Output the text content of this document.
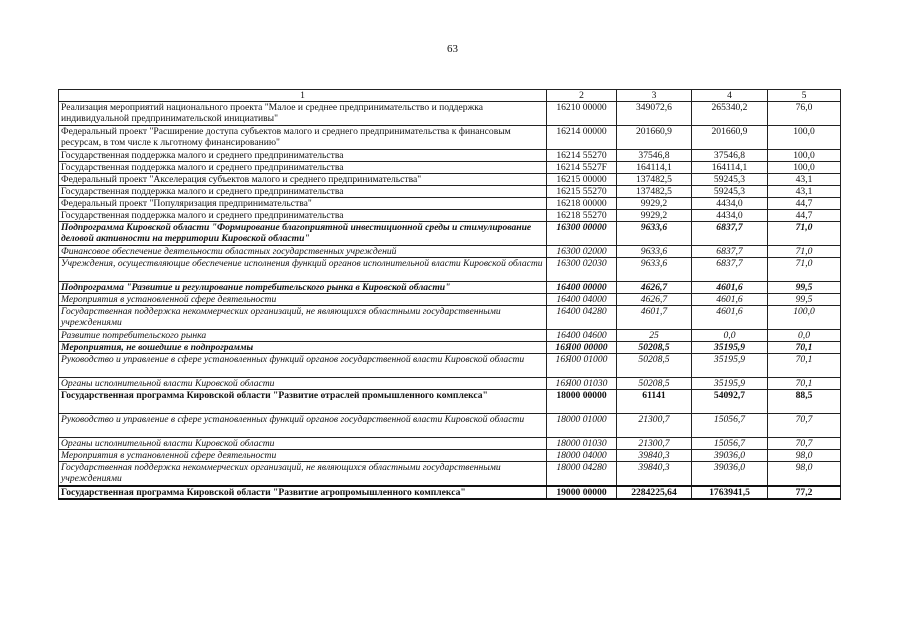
63
1	2	3	4	5
Реализация мероприятий национального проекта "Малое и среднее предпринимательство и поддержка индивидуальной предпринимательской инициативы"	16210 00000	349072,6	265340,2	76,0
Федеральный проект "Расширение доступа субъектов малого и среднего предпринимательства к финансовым ресурсам, в том числе к льготному финансированию"	16214 00000	201660,9	201660,9	100,0
Государственная поддержка малого и среднего предпринимательства	16214 55270	37546,8	37546,8	100,0
Государственная поддержка малого и среднего предпринимательства	16214 5527F	164114,1	164114,1	100,0
Федеральный проект "Акселерация субъектов малого и среднего предпринимательства"	16215 00000	137482,5	59245,3	43,1
Государственная поддержка малого и среднего предпринимательства	16215 55270	137482,5	59245,3	43,1
Федеральный проект "Популяризация предпринимательства"	16218 00000	9929,2	4434,0	44,7
Государственная поддержка малого и среднего предпринимательства	16218 55270	9929,2	4434,0	44,7
Подпрограмма Кировской области "Формирование благоприятной инвестиционной среды и стимулирование деловой активности на территории Кировской области"	16300 00000	9633,6	6837,7	71,0
Финансовое обеспечение деятельности областных государственных учреждений	16300 02000	9633,6	6837,7	71,0
Учреждения, осуществляющие обеспечение исполнения функций органов исполнительной власти Кировской области	16300 02030	9633,6	6837,7	71,0
Подпрограмма "Развитие и регулирование потребительского рынка в Кировской области"	16400 00000	4626,7	4601,6	99,5
Мероприятия в установленной сфере деятельности	16400 04000	4626,7	4601,6	99,5
Государственная поддержка некоммерческих организаций, не являющихся областными государственными учреждениями	16400 04280	4601,7	4601,6	100,0
Развитие потребительского рынка	16400 04600	25	0,0	0,0
Мероприятия, не вошедшие в подпрограммы	16Я00 00000	50208,5	35195,9	70,1
Руководство и управление в сфере установленных функций органов государственной власти Кировской области	16Я00 01000	50208,5	35195,9	70,1
Органы исполнительной власти Кировской области	16Я00 01030	50208,5	35195,9	70,1
Государственная программа Кировской области "Развитие отраслей промышленного комплекса"	18000 00000	61141	54092,7	88,5
Руководство и управление в сфере установленных функций органов государственной власти Кировской области	18000 01000	21300,7	15056,7	70,7
Органы исполнительной власти Кировской области	18000 01030	21300,7	15056,7	70,7
Мероприятия в установленной сфере деятельности	18000 04000	39840,3	39036,0	98,0
Государственная поддержка некоммерческих организаций, не являющихся областными государственными учреждениями	18000 04280	39840,3	39036,0	98,0
Государственная программа Кировской области "Развитие агропромышленного комплекса"	19000 00000	2284225,64	1763941,5	77,2
